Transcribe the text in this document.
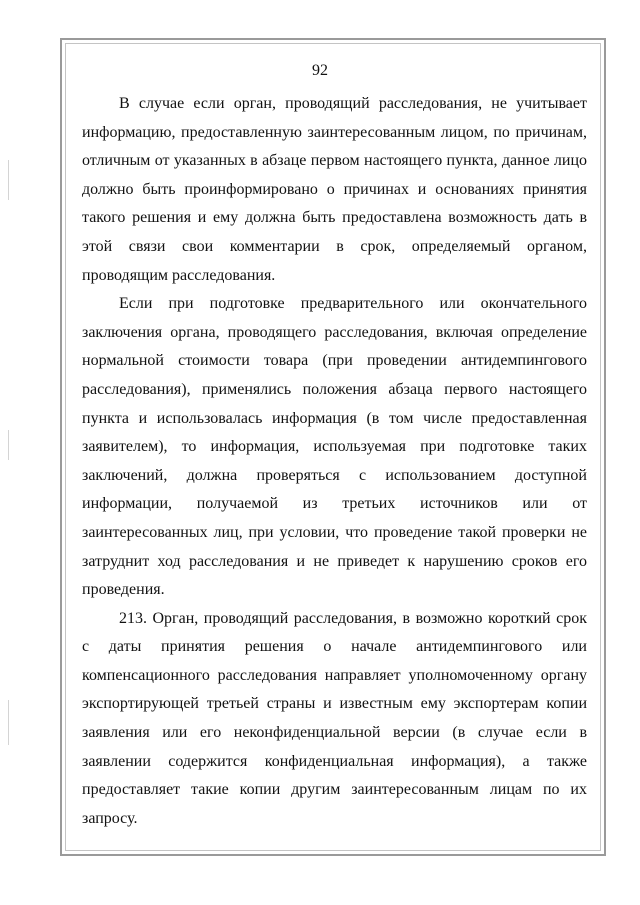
92

В случае если орган, проводящий расследования, не учитывает информацию, предоставленную заинтересованным лицом, по причинам, отличным от указанных в абзаце первом настоящего пункта, данное лицо должно быть проинформировано о причинах и основаниях принятия такого решения и ему должна быть предоставлена возможность дать в этой связи свои комментарии в срок, определяемый органом, проводящим расследования.

Если при подготовке предварительного или окончательного заключения органа, проводящего расследования, включая определение нормальной стоимости товара (при проведении антидемпингового расследования), применялись положения абзаца первого настоящего пункта и использовалась информация (в том числе предоставленная заявителем), то информация, используемая при подготовке таких заключений, должна проверяться с использованием доступной информации, получаемой из третьих источников или от заинтересованных лиц, при условии, что проведение такой проверки не затруднит ход расследования и не приведет к нарушению сроков его проведения.

213. Орган, проводящий расследования, в возможно короткий срок с даты принятия решения о начале антидемпингового или компенсационного расследования направляет уполномоченному органу экспортирующей третьей страны и известным ему экспортерам копии заявления или его неконфиденциальной версии (в случае если в заявлении содержится конфиденциальная информация), а также предоставляет такие копии другим заинтересованным лицам по их запросу.
